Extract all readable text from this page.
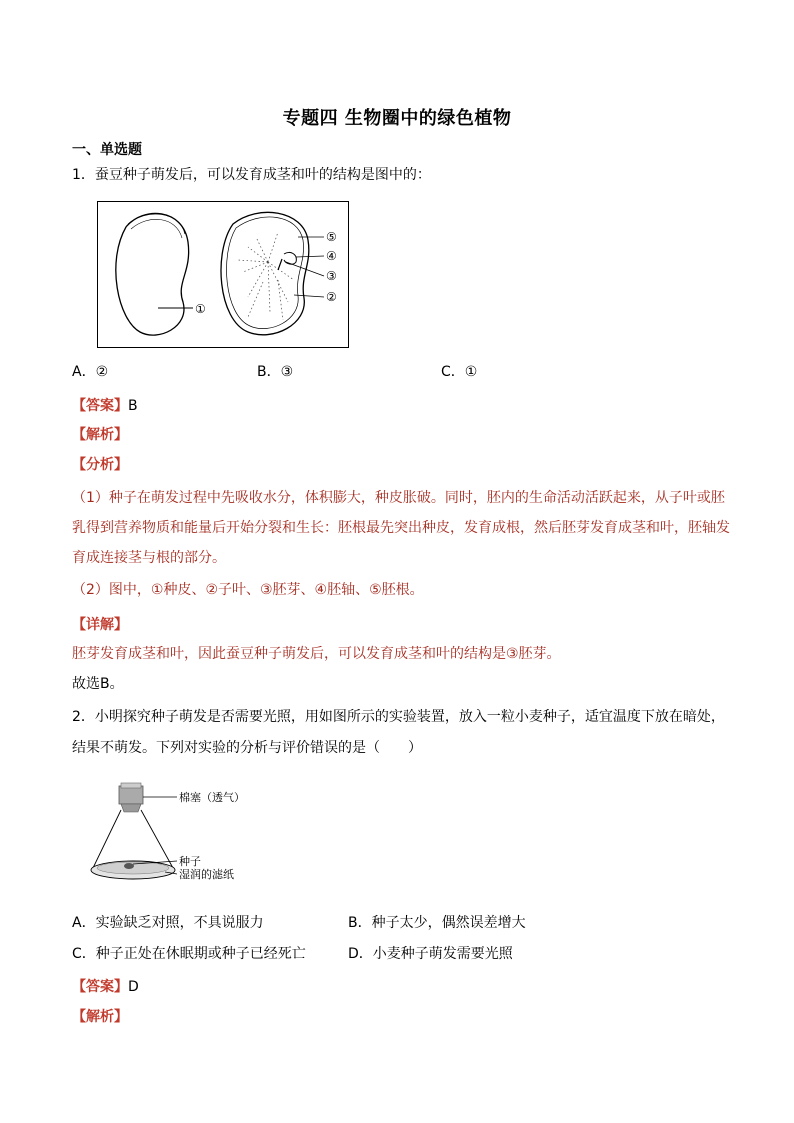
专题四 生物圈中的绿色植物
一、单选题
1．蚕豆种子萌发后，可以发育成茎和叶的结构是图中的：
①
⑤
④
③
②
A．②	B．③	C．①
【答案】B
【解析】
【分析】
（1）种子在萌发过程中先吸收水分，体积膨大，种皮胀破。同时，胚内的生命活动活跃起来，从子叶或胚乳得到营养物质和能量后开始分裂和生长：胚根最先突出种皮，发育成根，然后胚芽发育成茎和叶，胚轴发育成连接茎与根的部分。
（2）图中，①种皮、②子叶、③胚芽、④胚轴、⑤胚根。
【详解】
胚芽发育成茎和叶，因此蚕豆种子萌发后，可以发育成茎和叶的结构是③胚芽。
故选B。
2．小明探究种子萌发是否需要光照，用如图所示的实验装置，放入一粒小麦种子，适宜温度下放在暗处，结果不萌发。下列对实验的分析与评价错误的是（　　）
棉塞（透气）
种子
湿润的滤纸
A．实验缺乏对照，不具说服力	B．种子太少，偶然误差增大
C．种子正处在休眠期或种子已经死亡	D．小麦种子萌发需要光照
【答案】D
【解析】
